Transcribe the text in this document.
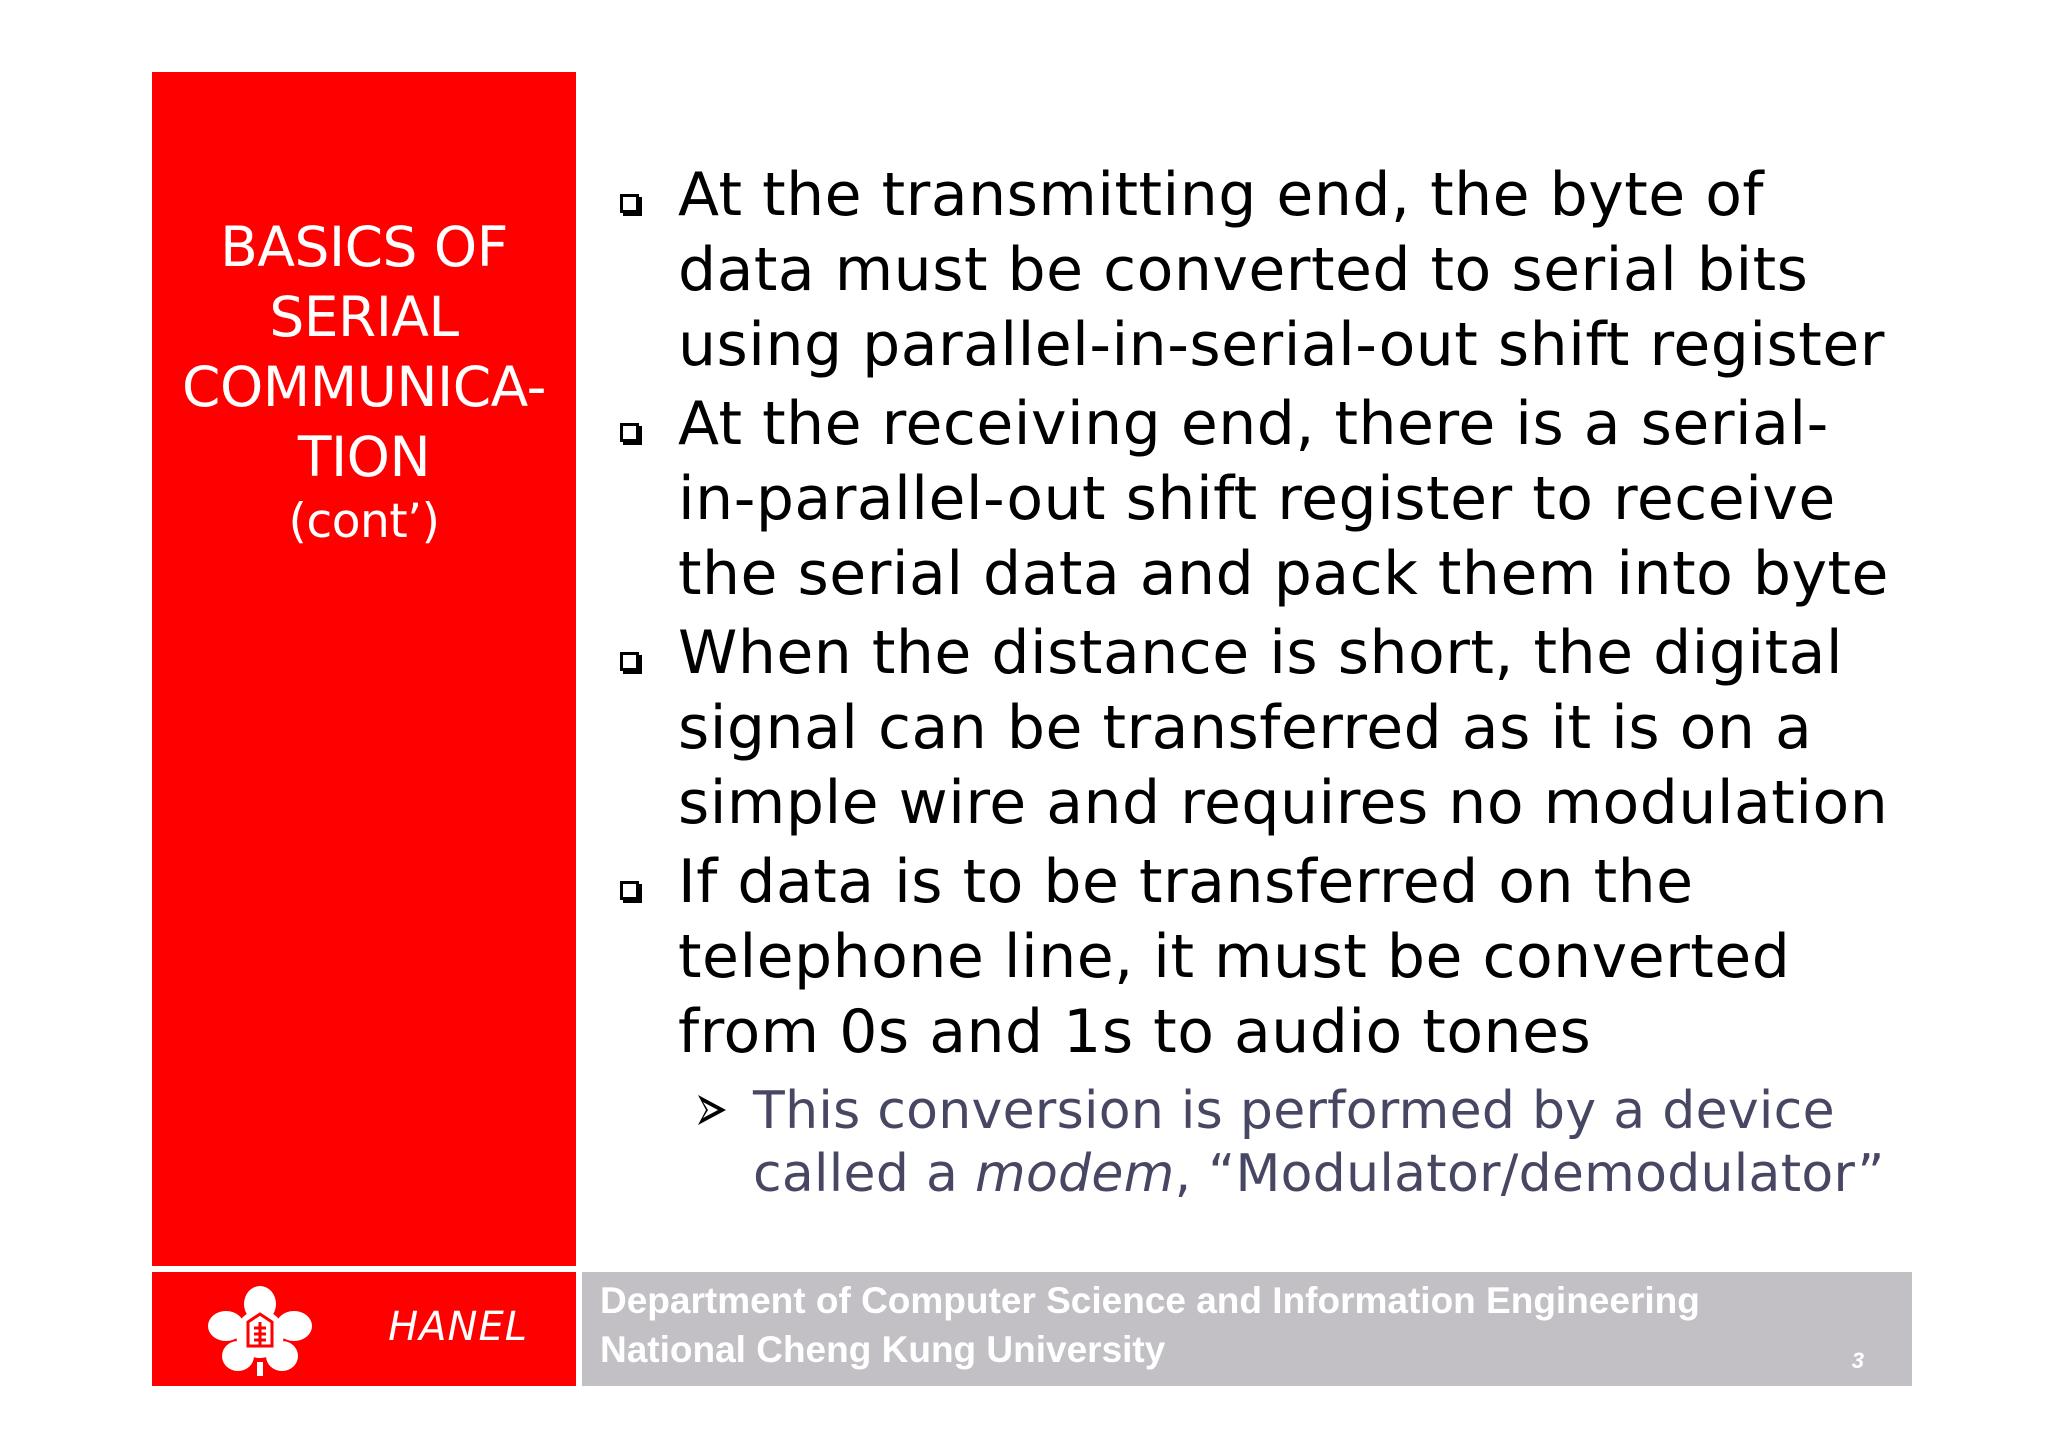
BASICS OF
SERIAL
COMMUNICA-
TION
(cont’)
At the transmitting end, the byte of
data must be converted to serial bits
using parallel-in-serial-out shift register
At the receiving end, there is a serial-
in-parallel-out shift register to receive
the serial data and pack them into byte
When the distance is short, the digital
signal can be transferred as it is on a
simple wire and requires no modulation
If data is to be transferred on the
telephone line, it must be converted
from 0s and 1s to audio tones
This conversion is performed by a device
called a modem, “Modulator/demodulator”
HANEL
Department of Computer Science and Information Engineering
National Cheng Kung University	3
